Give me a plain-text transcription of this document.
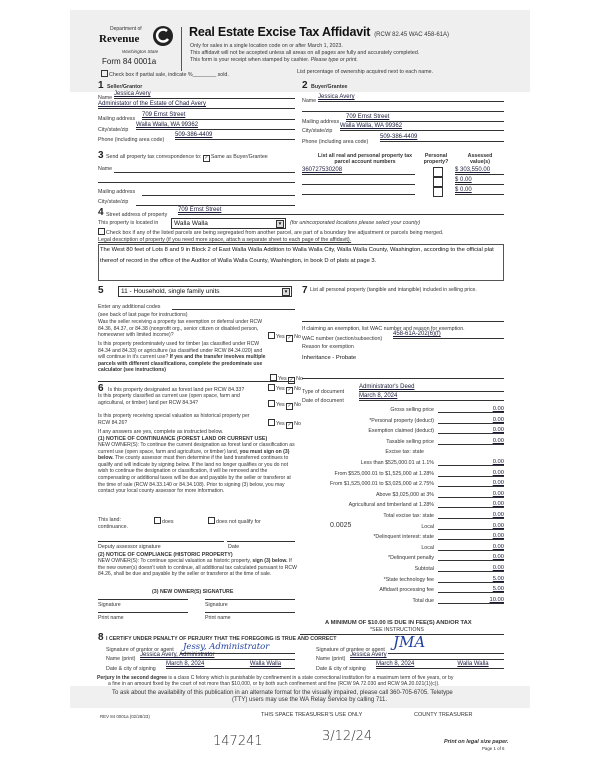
Department of
Revenue
Washington State
Form 84 0001a
Real Estate Excise Tax Affidavit (RCW 82.45 WAC 458-61A)
Only for sales in a single location code on or after March 1, 2023.
This affidavit will not be accepted unless all areas on all pages are fully and accurately completed.
This form is your receipt when stamped by cashier. Please type or print.
Check box if partial sale, indicate %________ sold.	List percentage of ownership acquired next to each name.
1 Seller/Grantor
Name
Jessica Avery
Administator of the Estate of Chad Avery
Mailing address
709 Ernst Street
City/state/zip
Walla Walla, WA 99362
Phone (including area code)
509-386-4409
2 Buyer/Grantee
Name
Jessica Avery
Mailing address
709 Ernst Street
City/state/zip
Walla Walla, WA 99362
Phone (including area code)
509-386-4409
3 Send all property tax correspondence to: ✓ Same as Buyer/Grantee
Name
Mailing address
City/state/zip
List all real and personal property tax parcel account numbers
Personal property?
Assessed value(s)
360727530208	$ 303,550.00
$ 0.00
$ 0.00
4 Street address of property
709 Ernst Street
This property is located in	Walla Walla	▼	(for unincorporated locations please select your county)
Check box if any of the listed parcels are being segregated from another parcel, are part of a boundary line adjustment or parcels being merged.
Legal description of property (if you need more space, attach a separate sheet to each page of the affidavit).
The West 80 feet of Lots 8 and 9 in Block 2 of East Walla Walla Addition to Walla Walla City, Walla Walla County, Washington, according to the official plat thereof of record in the office of the Auditor of Walla Walla County, Washington, in book D of plats at page 3.
5	11 - Household, single family units	▼
Enter any additional codes
(see back of last page for instructions)
Was the seller receiving a property tax exemption or deferral under RCW 84.36, 84.37, or 84.38 (nonprofit org., senior citizen or disabled person, homeowner with limited income)?	Yes ✓ No
Is this property predominately used for timber (as classified under RCW 84.34 and 84.33) or agriculture (as classified under RCW 84.34.020) and will continue in it's current use? If yes and the transfer involves multiple parcels with different classifications, complete the predominate use calculator (see instructions)
Yes ✓ No
6 Is this property designated as forest land per RCW 84.33?	Yes ✓ No
Is this property classified as current use (open space, farm and agricultural, or timber) land per RCW 84.34?	Yes ✓ No
Is this property receiving special valuation as historical property per RCW 84.26?	Yes ✓ No
If any answers are yes, complete as instructed below.
(1) NOTICE OF CONTINUANCE (FOREST LAND OR CURRENT USE)
NEW OWNER(S): To continue the current designation as forest land or classification as current use (open space, farm and agriculture, or timber) land, you must sign on (3) below. The county assessor must then determine if the land transferred continues to qualify and will indicate by signing below. If the land no longer qualifies or you do not wish to continue the designation or classification, it will be removed and the compensating or additional taxes will be due and payable by the seller or transferor at the time of sale (RCW 84.33.140 or 84.34.108). Prior to signing (3) below, you may contact your local county assessor for more information.
This land:	does	does not qualify for
continuance.
Deputy assessor signature	Date
(2) NOTICE OF COMPLIANCE (HISTORIC PROPERTY)
NEW OWNER(S): To continue special valuation as historic property, sign (3) below. If the new owner(s) doesn't wish to continue, all additional tax calculated pursuant to RCW 84.26, shall be due and payable by the seller or transferor at the time of sale.
(3) NEW OWNER(S) SIGNATURE
Signature	Signature
Print name	Print name
7 List all personal property (tangible and intangible) included in selling price.
If claiming an exemption, list WAC number and reason for exemption.
WAC number (section/subsection)
458-61A-202(6)(f)
Reason for exemption
Inheritance - Probate
Type of document
Administrator's Deed
Date of document
March 8, 2024
Gross selling price	0.00
*Personal property (deduct)	0.00
Exemption claimed (deduct)	0.00
Taxable selling price	0.00
Excise tax: state
Less than $525,000.01 at 1.1%	0.00
From $525,000.01 to $1,525,000 at 1.28%	0.00
From $1,525,000.01 to $3,025,000 at 2.75%	0.00
Above $3,025,000 at 3%	0.00
Agricultural and timberland at 1.28%	0.00
Total excise tax: state	0.00
Local	0.00
0.0025
*Delinquent interest: state	0.00
Local	0.00
*Delinquent penalty	0.00
Subtotal	0.00
*State technology fee	5.00
Affidavit processing fee	5.00
Total due	10.00
A MINIMUM OF $10.00 IS DUE IN FEE(S) AND/OR TAX
*SEE INSTRUCTIONS
8 I CERTIFY UNDER PENALTY OF PERJURY THAT THE FOREGOING IS TRUE AND CORRECT
Signature of grantor or agent Jessy, Administrator
Name (print)
Jessica Avery, Administrator
Date & city of signing
March 8, 2024	Walla Walla
Signature of grantee or agent JMA
Name (print)
Jessica Avery
Date & city of signing
March 8, 2024	Walla Walla
Perjury in the second degree is a class C felony which is punishable by confinement in a state correctional institution for a maximum term of five years, or by
a fine in an amount fixed by the court of not more than $10,000, or by both such confinement and fine (RCW 9A.72.030 and RCW 9A.20.021(1)(c)).
To ask about the availability of this publication in an alternate format for the visually impaired, please call 360-705-6705. Teletype
(TTY) users may use the WA Relay Service by calling 711.
REV 84 0001a (02/28/23)	THIS SPACE TREASURER'S USE ONLY	COUNTY TREASURER
147241	3/12/24	Print on legal size paper.
Page 1 of 6
